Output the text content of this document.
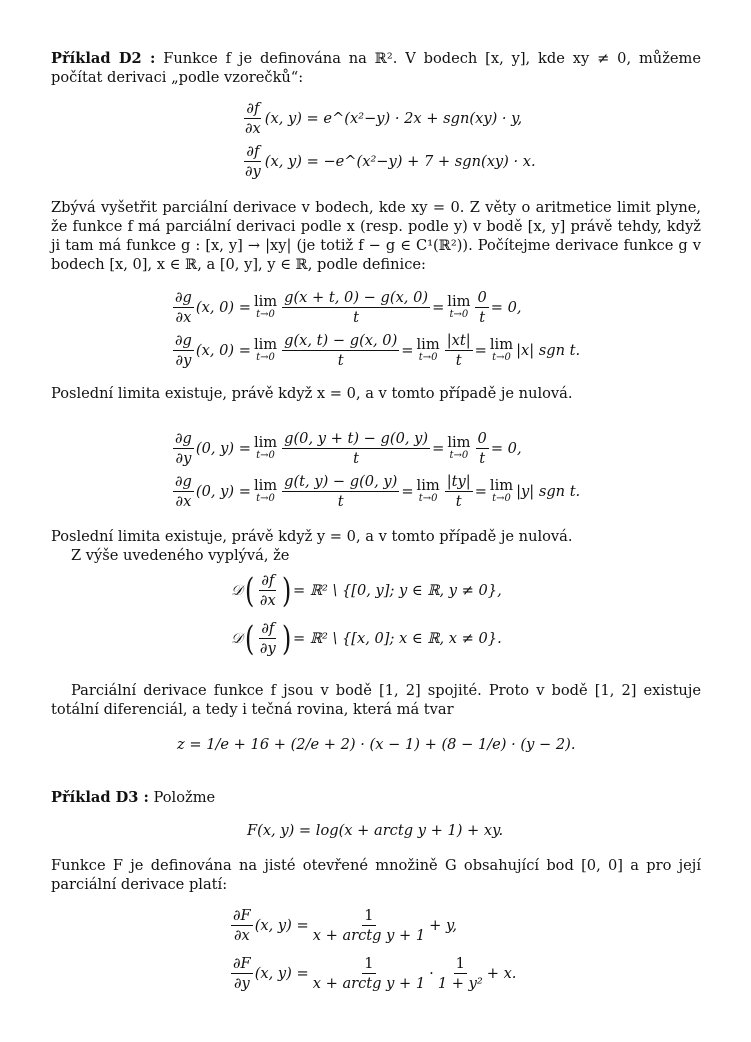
Příklad D2 : Funkce f je definována na ℝ². V bodech [x, y], kde xy ≠ 0, můžeme počítat derivaci „podle vzorečků“:

$\frac{\partial f}{\partial x} (x$, y) = e^(x²−y) · 2x + sgn(xy) · y,
$\frac{\partial f}{\partial y} (x$, y) = −e^(x²−y) + 7 + sgn(xy) · x.

Zbývá vyšetřit parciální derivace v bodech, kde xy = 0. Z věty o aritmetice limit plyne, že funkce f má parciální derivaci podle x (resp. podle y) v bodě [x, y] právě tehdy, když ji tam má funkce g : [x, y] → |xy| (je totiž f − g ∈ C¹(ℝ²)). Počítejme derivace funkce g v bodech [x, 0], x ∈ ℝ, a [0, y], y ∈ ℝ, podle definice:

$\frac{\partial g}{\partial x} (x$, 0) = lim
$t\to 0 \frac{g(x + t, 0) - g(x, 0)}{t} = \lim$
$t\to 0 \frac{0}{t} = 0$,
$\frac{\partial g}{\partial y} (x$, 0) = lim
$t\to 0 \frac{g(x, t) - g(x, 0)}{t} = \lim$
$t\to 0 \frac{|xt|}{t} = \lim$
t→0 |x| sgn t.

Poslední limita existuje, právě když x = 0, a v tomto případě je nulová.

$\frac{\partial g}{\partial y} (0$, y) = lim
$t\to 0 \frac{g(0, y + t) - g(0, y)}{t} = \lim$
$t\to 0 \frac{0}{t} = 0$,
$\frac{\partial g}{\partial x} (0$, y) = lim
$t\to 0 \frac{g(t, y) - g(0, y)}{t} = \lim$
$t\to 0 \frac{|ty|}{t} = \lim$
t→0 |y| sgn t.

Poslední limita existuje, právě když y = 0, a v tomto případě je nulová.

Z výše uvedeného vyplývá, že

𝒟 ( $\frac{\partial f}{\partial x}$ ) = ℝ² \ {[0, y]; y ∈ ℝ, y ≠ 0},
𝒟 ( $\frac{\partial f}{\partial y}$ ) = ℝ² \ {[x, 0]; x ∈ ℝ, x ≠ 0}.

Parciální derivace funkce f jsou v bodě [1, 2] spojité. Proto v bodě [1, 2] existuje totální diferenciál, a tedy i tečná rovina, která má tvar

z = 1/e + 16 + (2/e + 2) · (x − 1) + (8 − 1/e) · (y − 2).

Příklad D3 : Položme

F(x, y) = log(x + arctg y + 1) + xy.

Funkce F je definována na jisté otevřené množině G obsahující bod [0, 0] a pro její parciální derivace platí:

$\frac{\partial F}{\partial x} (x$, $y) = \frac{1}{\text{x + arctg y + 1}} + y$,
$\frac{\partial F}{\partial y} (x$, $y) = \frac{1}{\text{x + arctg y + 1}} \cdot \frac{1}{\text{1 + y²}} + x$.
